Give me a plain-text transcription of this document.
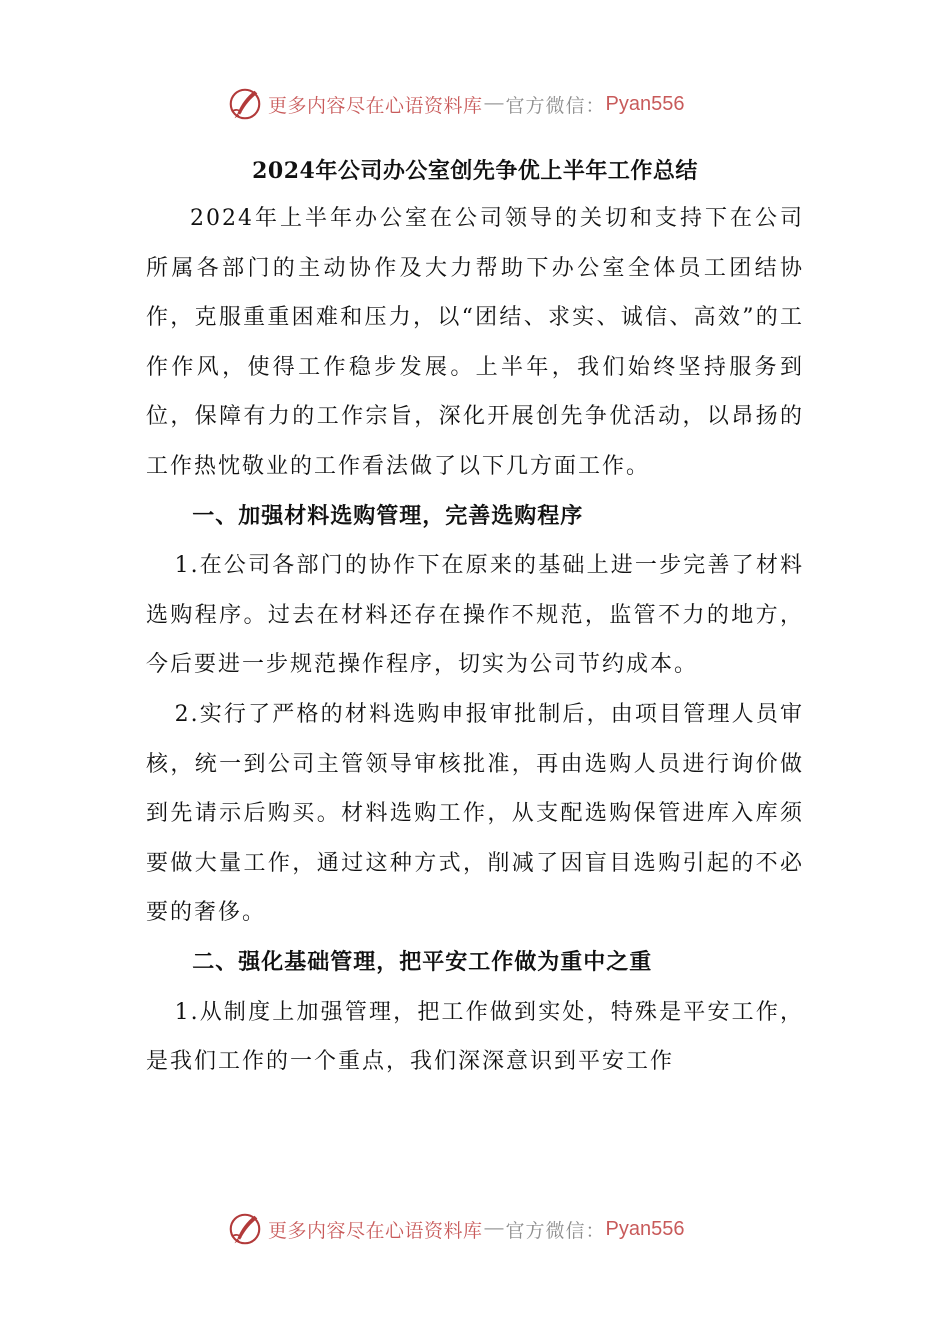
更多内容尽在心语资料库 — 官方微信： Pyan556
2024年公司办公室创先争优上半年工作总结

2024年上半年办公室在公司领导的关切和支持下在公司所属各部门的主动协作及大力帮助下办公室全体员工团结协作，克服重重困难和压力，以“团结、求实、诚信、高效”的工作作风，使得工作稳步发展。上半年，我们始终坚持服务到位，保障有力的工作宗旨，深化开展创先争优活动，以昂扬的工作热忱敬业的工作看法做了以下几方面工作。

一、加强材料选购管理，完善选购程序

1.在公司各部门的协作下在原来的基础上进一步完善了材料选购程序。过去在材料还存在操作不规范，监管不力的地方，今后要进一步规范操作程序，切实为公司节约成本。

2.实行了严格的材料选购申报审批制后，由项目管理人员审核，统一到公司主管领导审核批准，再由选购人员进行询价做到先请示后购买。材料选购工作，从支配选购保管进库入库须要做大量工作，通过这种方式，削减了因盲目选购引起的不必要的奢侈。

二、强化基础管理，把平安工作做为重中之重

1.从制度上加强管理，把工作做到实处，特殊是平安工作，是我们工作的一个重点，我们深深意识到平安工作

更多内容尽在心语资料库 — 官方微信： Pyan556
